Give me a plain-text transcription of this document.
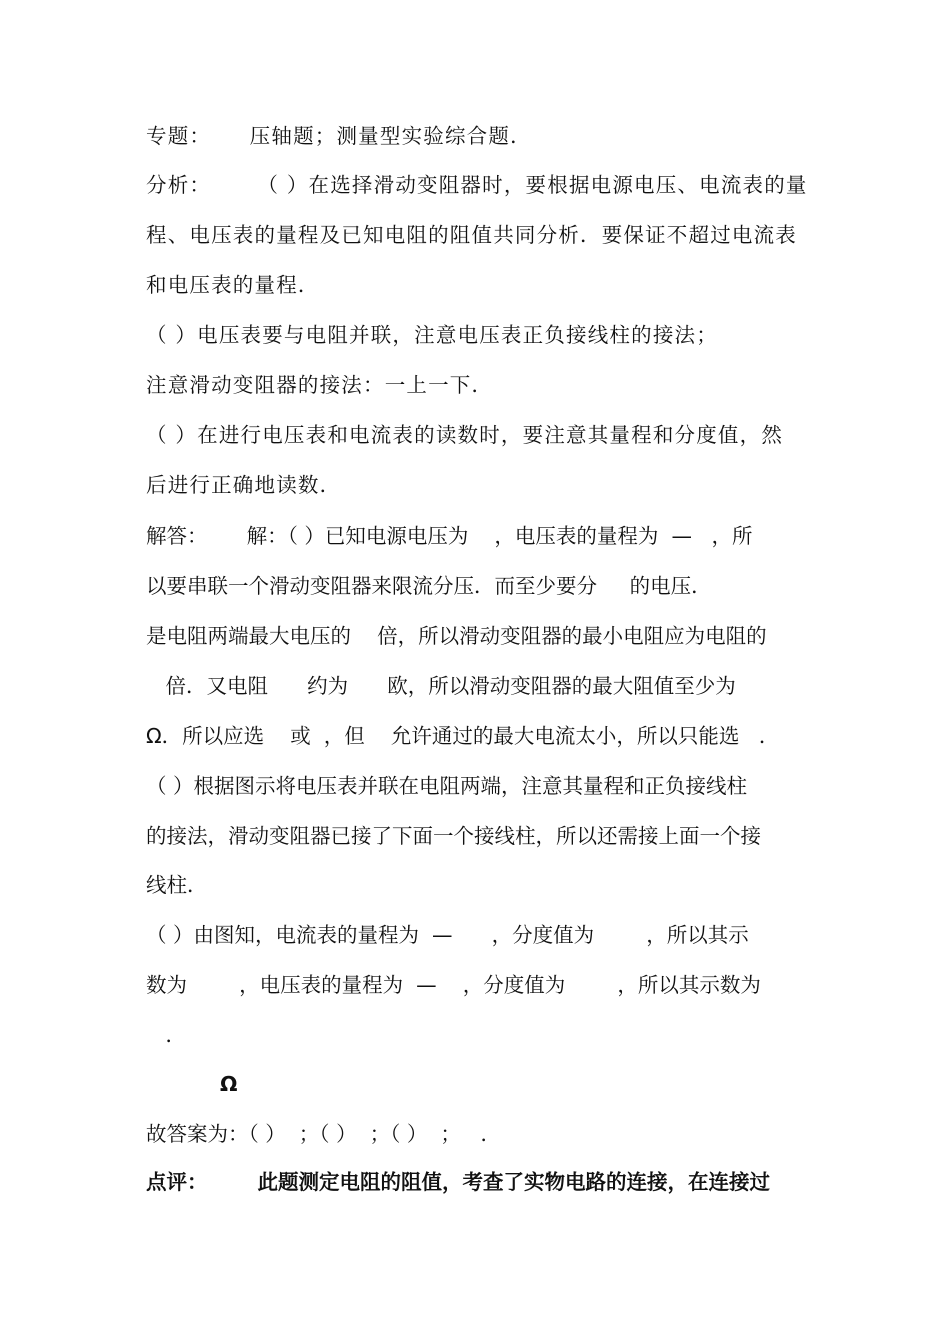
专题：     压轴题；测量型实验综合题．
分析：      （ ）在选择滑动变阻器时，要根据电源电压、电流表的量
程、电压表的量程及已知电阻的阻值共同分析．要保证不超过电流表
和电压表的量程．
（ ）电压表要与电阻并联，注意电压表正负接线柱的接法；
注意滑动变阻器的接法：一上一下．
（ ）在进行电压表和电流表的读数时，要注意其量程和分度值，然
后进行正确地读数．
解答：      解：（ ）已知电源电压为    ，电压表的量程为  —   ，所
以要串联一个滑动变阻器来限流分压．而至少要分     的电压．
是电阻两端最大电压的    倍，所以滑动变阻器的最小电阻应为电阻的
倍．又电阻      约为      欧，所以滑动变阻器的最大阻值至少为
Ω．所以应选    或  ，但    允许通过的最大电流太小，所以只能选   ．
（ ）根据图示将电压表并联在电阻两端，注意其量程和正负接线柱
的接法，滑动变阻器已接了下面一个接线柱，所以还需接上面一个接
线柱．
（ ）由图知，电流表的量程为  —      ，分度值为        ，所以其示
数为        ，电压表的量程为  —    ，分度值为        ，所以其示数为
．
Ω
故答案为：（ ）  ；（ ）  ；（ ）  ；   ．
点评：       此题测定电阻的阻值，考查了实物电路的连接，在连接过
